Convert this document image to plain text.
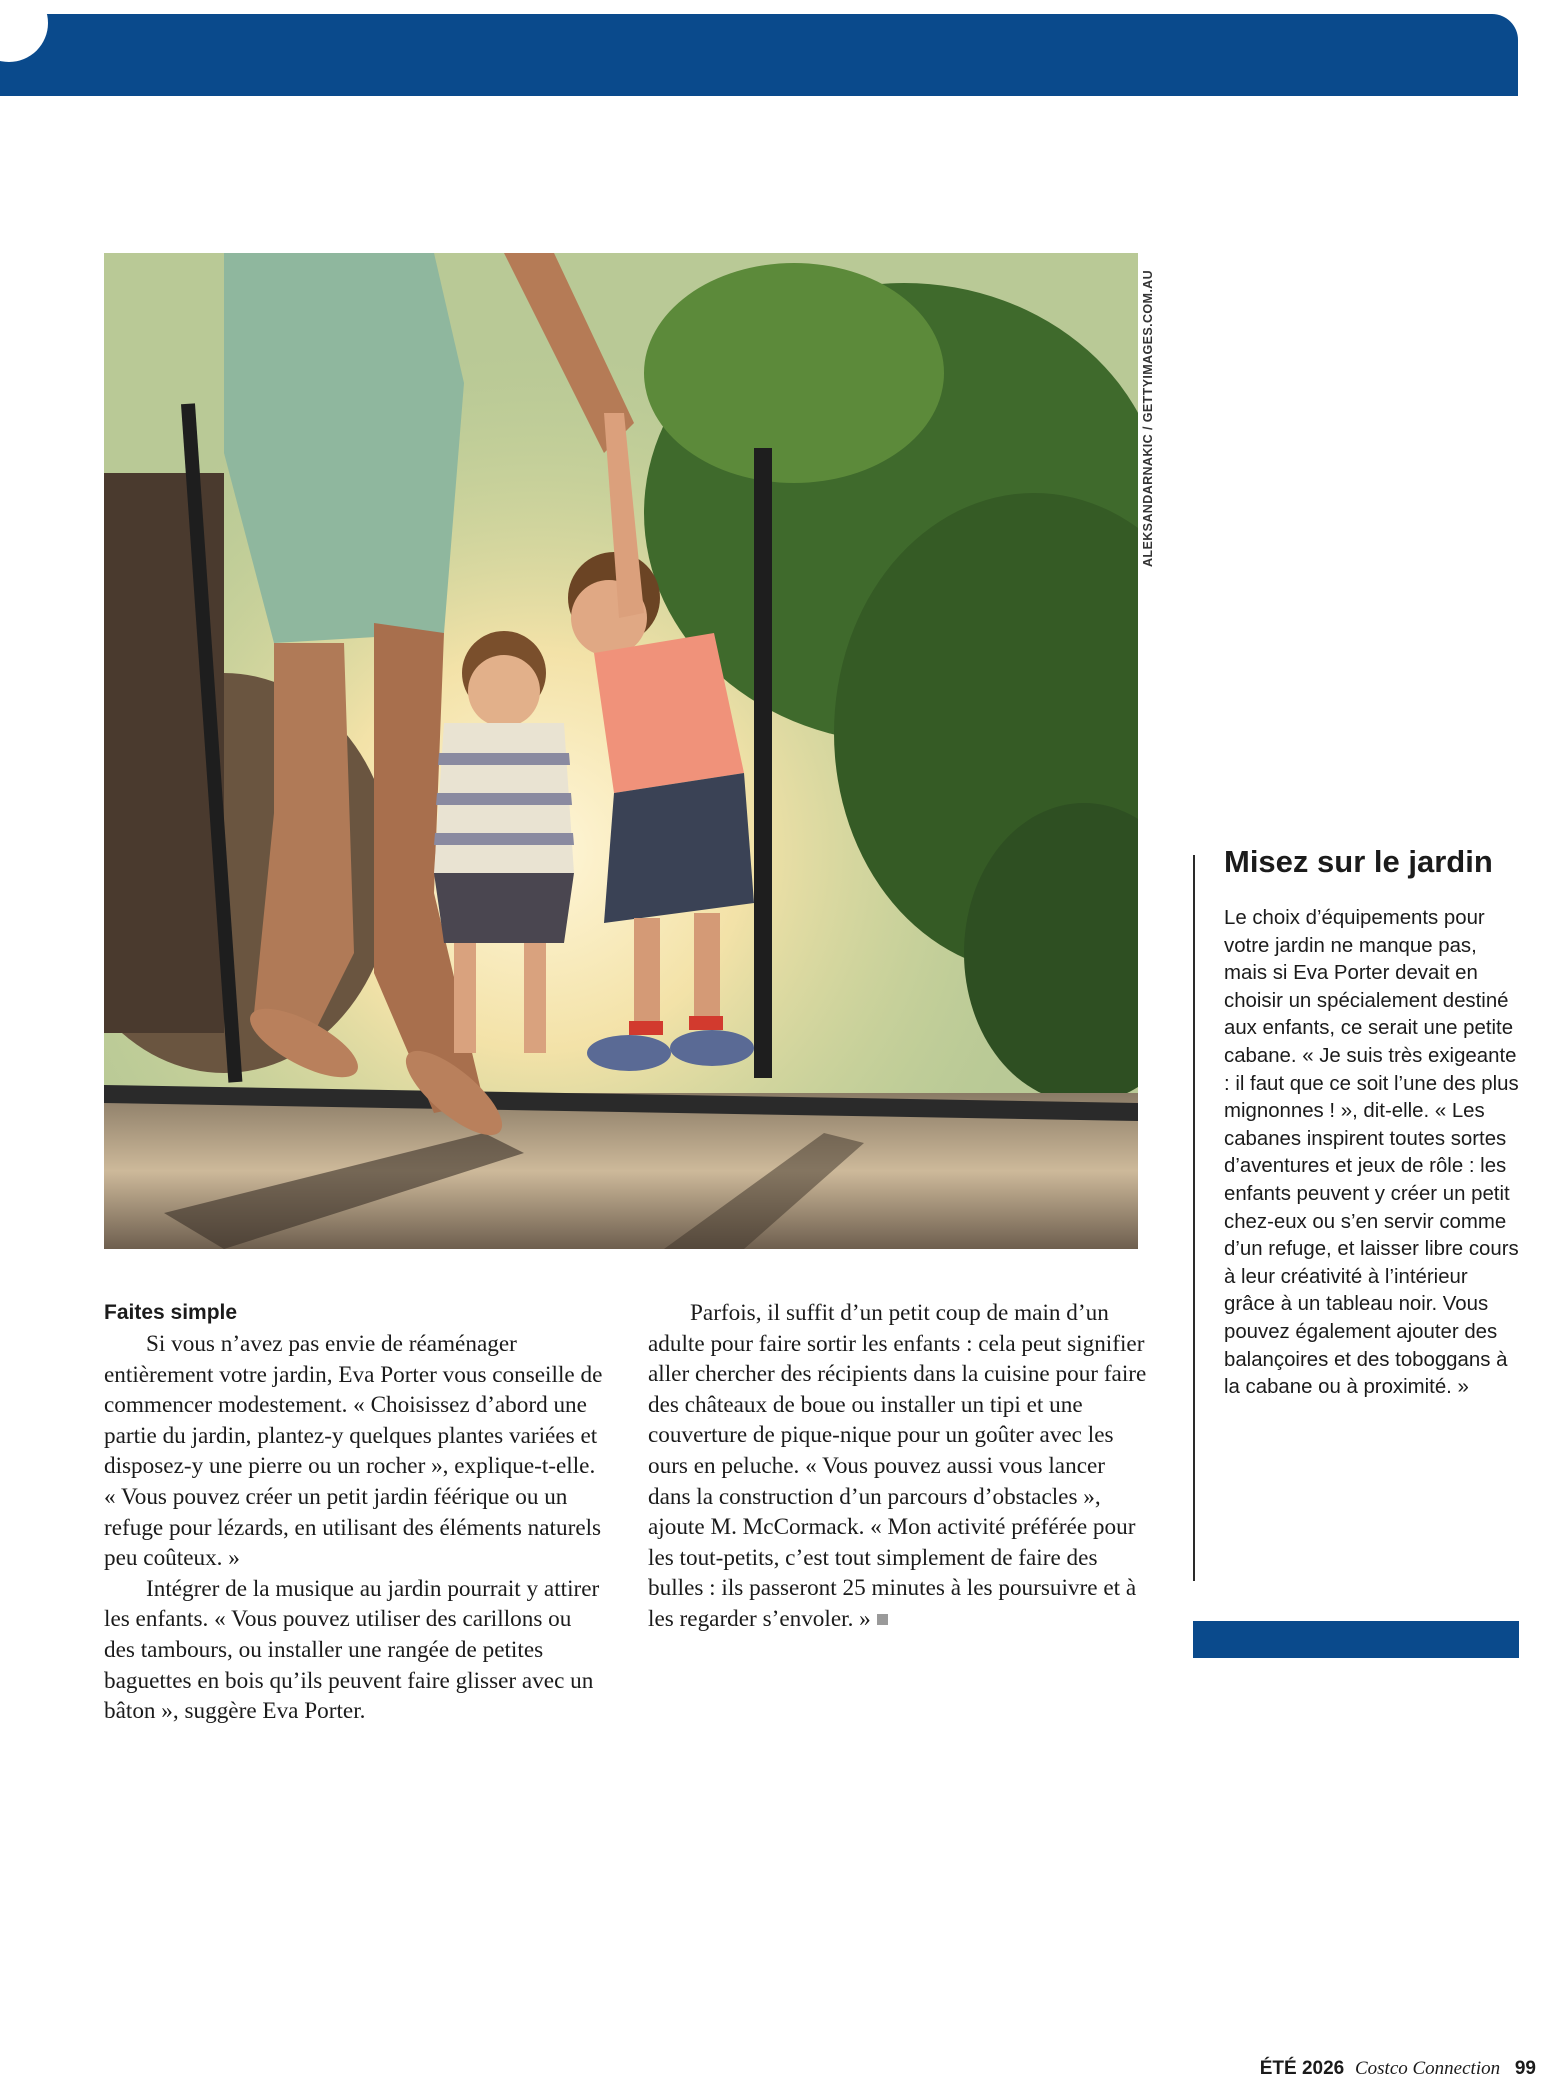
ALEKSANDARNAKIC / GETTYIMAGES.COM.AU
Faites simple

Si vous n’avez pas envie de réaménager entièrement votre jardin, Eva Porter vous conseille de commencer modestement. « Choisissez d’abord une partie du jardin, plantez-y quelques plantes variées et disposez-y une pierre ou un rocher », explique-t-elle. « Vous pouvez créer un petit jardin féérique ou un refuge pour lézards, en utilisant des éléments naturels peu coûteux. »

Intégrer de la musique au jardin pourrait y attirer les enfants. « Vous pouvez utiliser des carillons ou des tambours, ou installer une rangée de petites baguettes en bois qu’ils peuvent faire glisser avec un bâton », suggère Eva Porter.

Parfois, il suffit d’un petit coup de main d’un adulte pour faire sortir les enfants : cela peut signifier aller chercher des récipients dans la cuisine pour faire des châteaux de boue ou installer un tipi et une couverture de pique-nique pour un goûter avec les ours en peluche. « Vous pouvez aussi vous lancer dans la construction d’un parcours d’obstacles », ajoute M. McCormack. « Mon activité préférée pour les tout-petits, c’est tout simplement de faire des bulles : ils passeront 25 minutes à les poursuivre et à les regarder s’envoler. »

Misez sur le jardin

Le choix d’équipements pour votre jardin ne manque pas, mais si Eva Porter devait en choisir un spécialement destiné aux enfants, ce serait une petite cabane. « Je suis très exigeante : il faut que ce soit l’une des plus mignonnes ! », dit-elle. « Les cabanes inspirent toutes sortes d’aventures et jeux de rôle : les enfants peuvent y créer un petit chez-eux ou s’en servir comme d’un refuge, et laisser libre cours à leur créativité à l’intérieur grâce à un tableau noir. Vous pouvez également ajouter des balançoires et des toboggans à la cabane ou à proximité. »

ÉTÉ 2026 Costco Connection 99
